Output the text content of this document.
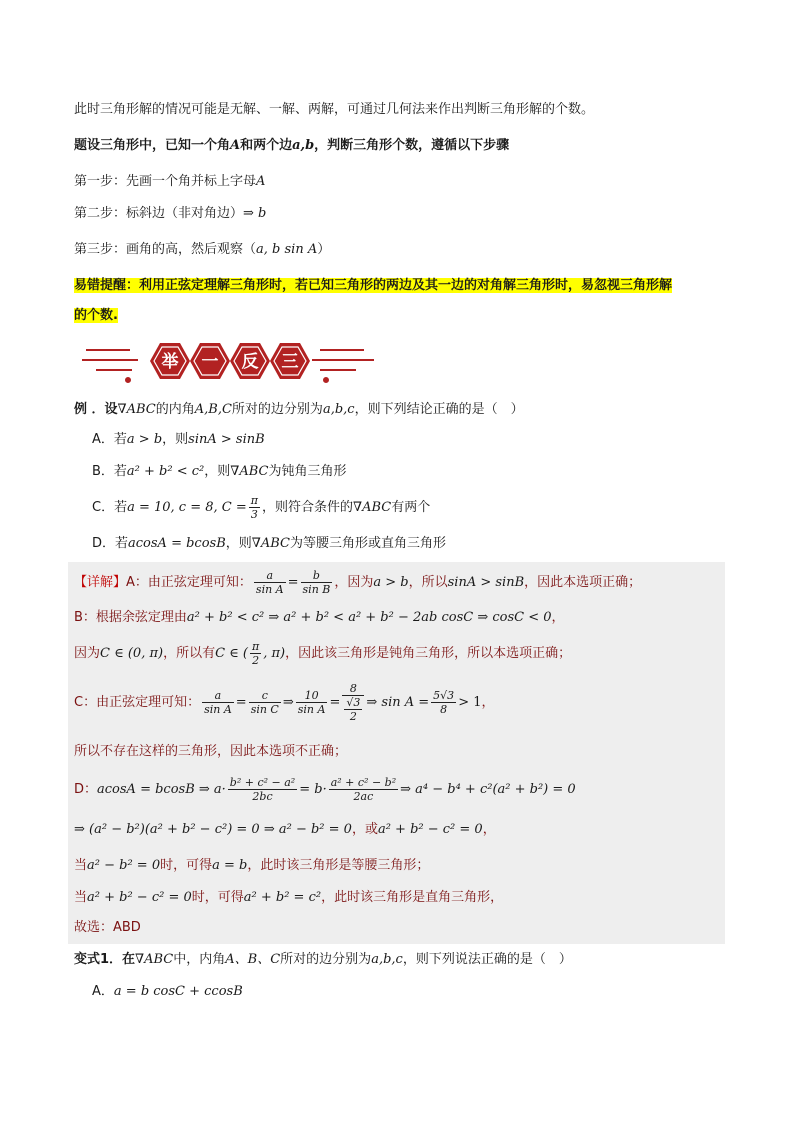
此时三角形解的情况可能是无解、一解、两解，可通过几何法来作出判断三角形解的个数。
题设三角形中，已知一个角A和两个边a,b，判断三角形个数，遵循以下步骤
第一步：先画一个角并标上字母A
第二步：标斜边（非对角边）⇒ b
第三步：画角的高，然后观察（a, b sin A）
易错提醒：利用正弦定理解三角形时，若已知三角形的两边及其一边的对角解三角形时，易忽视三角形解
的个数.
举 一 反 三
例 ．设∇ABC的内角A,B,C所对的边分别为a,b,c，则下列结论正确的是（　）
A．若a > b，则sinA > sinB
B．若a² + b² < c²，则∇ABC为钝角三角形
C．若a = 10, c = 8, $C = \frac{\pi}{3}$ ，则符合条件的∇ABC有两个
D．若acosA = bcosB，则∇ABC为等腰三角形或直角三角形
【详解】A：由正弦定理可知： $\frac{a}{\text{sin A}} = \frac{b}{\text{sin B}}$ ，因为a > b，所以sinA > sinB，因此本选项正确；
B：根据余弦定理由a² + b² < c² ⇒ a² + b² < a² + b² − 2ab cosC ⇒ cosC < 0，
因为C ∈ (0, π)，所以有C ∈ ( $\frac{\pi}{2}$ , π)，因此该三角形是钝角三角形，所以本选项正确；
C：由正弦定理可知： $\frac{a}{\text{sin A}} = \frac{c}{\text{sin C}}$ ⇒ $\frac{10}{\text{sin A}} = \frac{8}{\frac{√3}{2}}$ ⇒ $\sin A = \frac{5√3}{8} > 1$，
所以不存在这样的三角形，因此本选项不正确；
D：acosA = bcosB ⇒ $a\cdot \frac{\text{b² + c² − a²}}{2bc} = b\cdot \frac{\text{a² + c² − b²}}{2ac}$ ⇒ a⁴ − b⁴ + c²(a² + b²) = 0
⇒ (a² − b²)(a² + b² − c²) = 0 ⇒ a² − b² = 0，或a² + b² − c² = 0，
当a² − b² = 0时，可得a = b，此时该三角形是等腰三角形；
当a² + b² − c² = 0时，可得a² + b² = c²，此时该三角形是直角三角形，
故选：ABD
变式1．在∇ABC中，内角A、B、C所对的边分别为a,b,c，则下列说法正确的是（　）
A．a = b cosC + ccosB
